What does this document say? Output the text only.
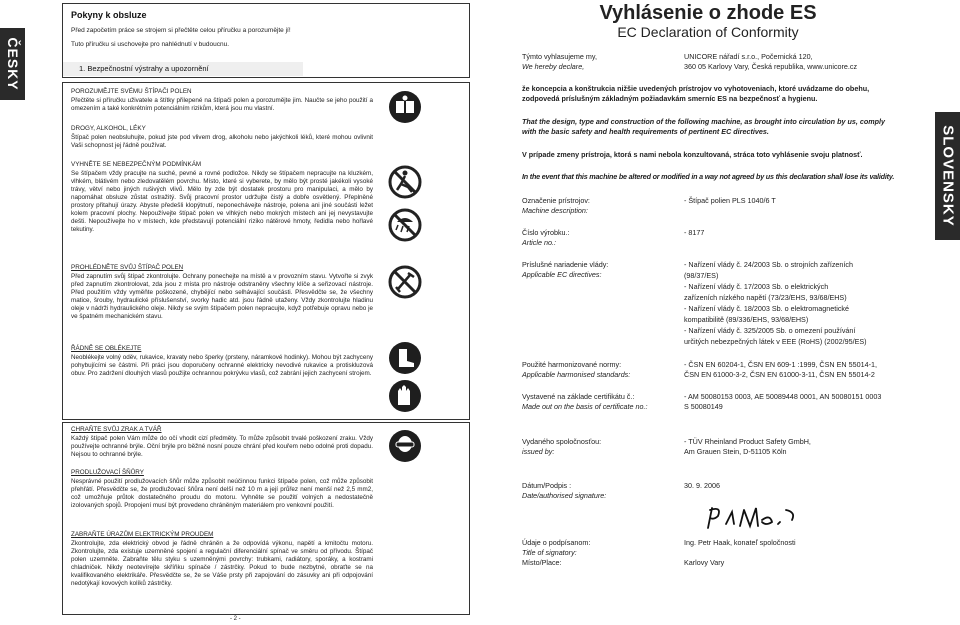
ČESKY
SLOVENSKY
Pokyny k obsluze
Před započetím práce se strojem si přečtěte celou příručku a porozumějte jí!
Tuto příručku si uschovejte pro nahlédnutí v budoucnu.
1. Bezpečnostní výstrahy a upozornění
POROZUMĚJTE SVÉMU ŠTÍPAČI POLEN
Přečtěte si příručku uživatele a štítky přilepené na štípači polen a porozumějte jim. Naučte se jeho použití a omezením a také konkrétním potenciálním rizikům, která jsou mu vlastní.
DROGY, ALKOHOL, LÉKY
Štípač polen neobsluhujte, pokud jste pod vlivem drog, alkoholu nebo jakýchkoli léků, které mohou ovlivnit Vaši schopnost jej řádně používat.
VYHNĚTE SE NEBEZPEČNÝM PODMÍNKÁM
Se štípačem vždy pracujte na suché, pevné a rovné podložce. Nikdy se štípačem nepracujte na kluzkém, vlhkém, blátivém nebo zledovatělém povrchu. Místo, které si vyberete, by mělo být prosté jakékoli vysoké trávy, větví nebo jiných rušivých vlivů. Mělo by zde být dostatek prostoru pro manipulaci, a mělo by napomáhat obsluze zůstat ostražitý. Svůj pracovní prostor udržujte čistý a dobře osvětlený. Přeplněné prostory přitahují úrazy. Abyste předešli klopýtnutí, neponechávejte nástroje, polena ani jiné součásti ležet kolem pracovní plochy. Nepoužívejte štípač polen ve vlhkých nebo mokrých místech ani jej nevystavujte dešti. Nepoužívejte ho v místech, kde představují potenciální riziko nátěrové hmoty, ředidla nebo hořlavé tekutiny.
PROHLÉDNĚTE SVŮJ ŠTÍPAČ POLEN
Před zapnutím svůj štípač zkontrolujte. Ochrany ponechejte na místě a v provozním stavu. Vytvořte si zvyk před zapnutím zkontrolovat, zda jsou z místa pro nástroje odstraněny všechny klíče a seřizovací nástroje. Před použitím vždy vyměňte poškozené, chybějící nebo selhávající součásti. Přesvědčte se, že všechny matice, šrouby, hydraulické příslušenství, svorky hadic atd. jsou řádně utaženy. Vždy zkontrolujte hladinu oleje v nádrži hydraulického oleje. Nikdy se svým štípačem polen nepracujte, když potřebuje opravu nebo je ve špatném mechanickém stavu.
ŘÁDNĚ SE OBLÉKEJTE
Neoblékejte volný oděv, rukavice, kravaty nebo šperky (prsteny, náramkové hodinky). Mohou být zachyceny pohybujícími se částmi. Při práci jsou doporučeny ochranné elektricky nevodivé rukavice a protiskluzová obuv. Pro zadržení dlouhých vlasů použijte ochrannou pokrývku vlasů, což zabrání jejich zachycení strojem.
CHRAŇTE SVŮJ ZRAK A TVÁŘ
Každý štípač polen Vám může do očí vhodit cizí předměty. To může způsobit trvalé poškození zraku. Vždy používejte ochranné brýle. Oční brýle pro běžné nosní pouze chrání před kouřem nebo odolné proti dopadu. Nejsou to ochranné brýle.
PRODLUŽOVACÍ ŠŇŮRY
Nesprávné použití prodlužovacích šňůr může způsobit neúčinnou funkci štípače polen, což může způsobit přehřátí. Přesvědčte se, že prodlužovací šňůra není delší než 10 m a její průřez není menší než 2,5 mm2, což umožňuje průtok dostatečného proudu do motoru. Vyhněte se použití volných a nedostatečně izolovaných spojů. Propojení musí být provedeno chráněným materiálem pro venkovní použití.
ZABRAŇTE ÚRAZŮM ELEKTRICKÝM PROUDEM
Zkontrolujte, zda elektrický obvod je řádně chráněn a že odpovídá výkonu, napětí a kmitočtu motoru. Zkontrolujte, zda existuje uzemněné spojení a regulační diferenciální spínač ve směru od přívodu. Štípač polen uzemněte. Zabraňte tělu styku s uzemněnými povrchy: trubkami, radiátory, sporáky, a kostrami chladniček. Nikdy neotevírejte skříňku spínače / zástrčky. Pokud to bude nezbytné, obraťte se na kvalifikovaného elektrikáře. Přesvědčte se, že se Váše prsty při zapojování do zásuvky ani při odpojování nedotýkají kovových kolíků zástrčky.
- 2 -
Vyhlásenie o zhode ES
EC Declaration of Conformity
Týmto vyhlasujeme my,
We hereby declare,
UNICORE nářadí s.r.o., Počernická 120,
360 05 Karlovy Vary, Česká republika, www.unicore.cz
že koncepcia a konštrukcia nižšie uvedených prístrojov vo vyhotoveniach, ktoré uvádzame do obehu,
zodpovedá príslušným základným požiadavkám smerníc ES na bezpečnosť a hygienu.
That the design, type and construction of the following machine, as brought into circulation by us, comply
with the basic safety and health requirements of pertinent EC directives.
V prípade zmeny prístroja, ktorá s nami nebola konzultovaná, stráca toto vyhlásenie svoju platnosť.
In the event that this machine be altered or modified in a way not agreed by us this declaration shall lose its validity.
Označenie prístrojov:
Machine description:
- Štípač polien PLS 1040/6 T
Číslo výrobku.:
Article no.:
- 8177
Príslušné nariadenie vlády:
Applicable EC directives:
- Nařízení vlády č. 24/2003 Sb. o strojních zařízeních
(98/37/ES)
- Nařízení vlády č. 17/2003 Sb. o elektrických
zařízeních nízkého napětí (73/23/EHS, 93/68/EHS)
- Nařízení vlády č. 18/2003 Sb. o elektromagnetické
kompatibilitě (89/336/EHS, 93/68/EHS)
- Nařízení vlády č. 325/2005 Sb. o omezení používání
určitých nebezpečných látek v EEE (RoHS) (2002/95/ES)
Použité harmonizované normy:
Applicable harmonised standards:
- ČSN EN 60204-1, ČSN EN 609-1 :1999, ČSN EN 55014-1,
ČSN EN 61000-3-2, ČSN EN 61000-3-11, ČSN EN 55014-2
Vystavené na základe certifikátu č.:
Made out on the basis of certificate no.:
- AM 50080153 0003, AE 50089448 0001, AN 50080151 0003
S 50080149
Vydaného spoločnosťou:
issued by:
- TÜV Rheinland Product Safety GmbH,
Am Grauen Stein, D-51105 Köln
Dátum/Podpis :
Date/authorised signature:
30. 9. 2006
Údaje o podpísanom:
Title of signatory:
Místo/Place:
Ing. Petr Haak, konateľ spoločnosti
Karlovy Vary
